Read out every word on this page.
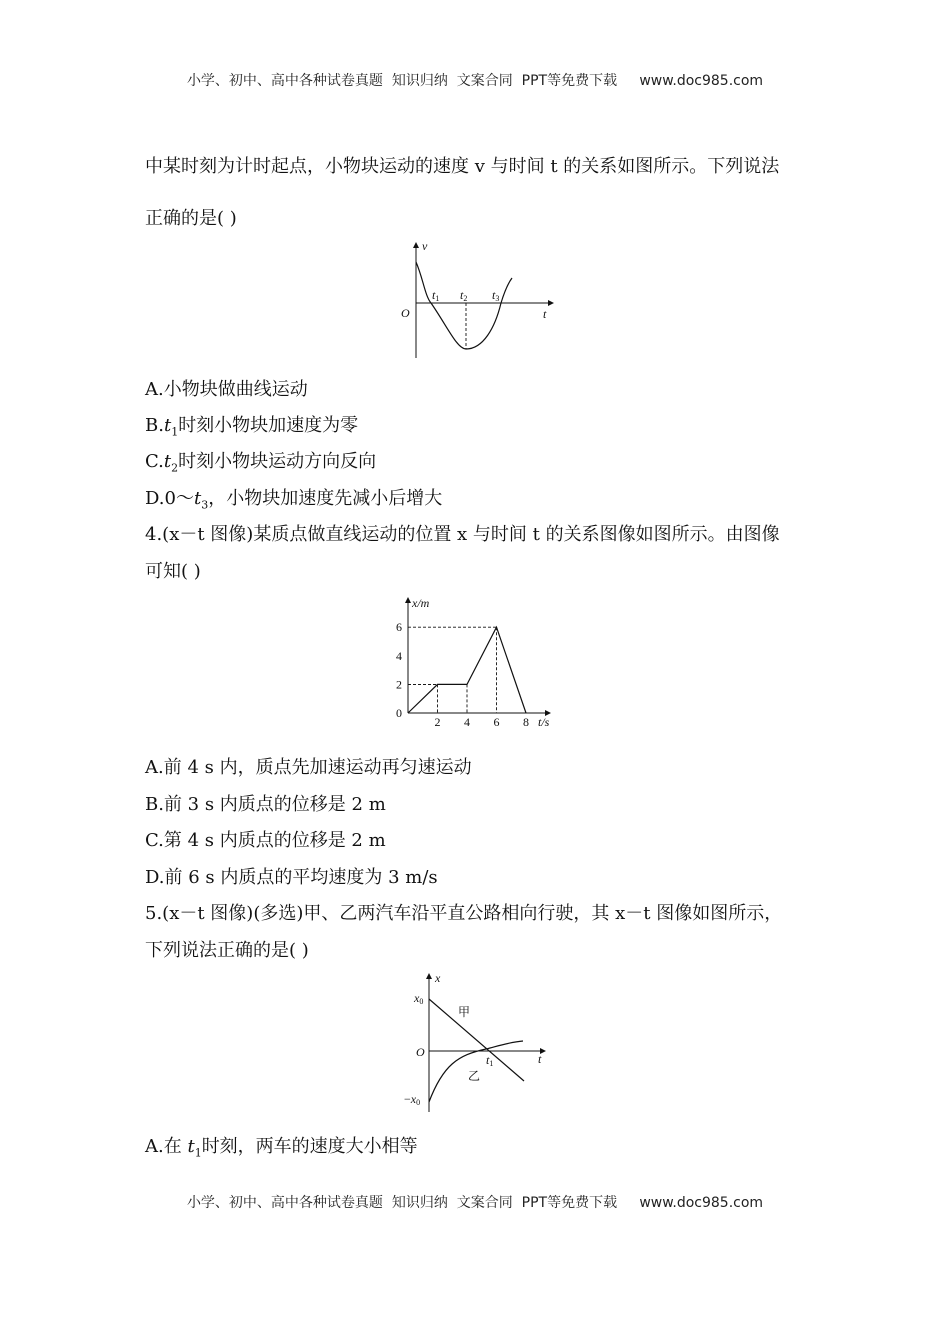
小学、初中、高中各种试卷真题  知识归纳  文案合同  PPT等免费下载     www.doc985.com
中某时刻为计时起点，小物块运动的速度 v 与时间 t 的关系如图所示。下列说法
正确的是( )
v
t
O
t1 t2 t3
A.小物块做曲线运动
$B.t_1$时刻小物块加速度为零
$C.t_2$时刻小物块运动方向反向
$D.0\sim t_3$，小物块加速度先减小后增大
4.(x－t 图像)某质点做直线运动的位置 x 与时间 t 的关系图像如图所示。由图像
可知( )
2 4 6 8
2
4
6
x/m
t/s
0
A.前 4 s 内，质点先加速运动再匀速运动
B.前 3 s 内质点的位移是 2 m
C.第 4 s 内质点的位移是 2 m
D.前 6 s 内质点的平均速度为 3 m/s
5.(x－t 图像)(多选)甲、乙两汽车沿平直公路相向行驶，其 x－t 图像如图所示，
下列说法正确的是( )
x
t
O
x0
−x0
t1
甲
乙
A.在 $t_1$时刻，两车的速度大小相等
小学、初中、高中各种试卷真题  知识归纳  文案合同  PPT等免费下载     www.doc985.com
